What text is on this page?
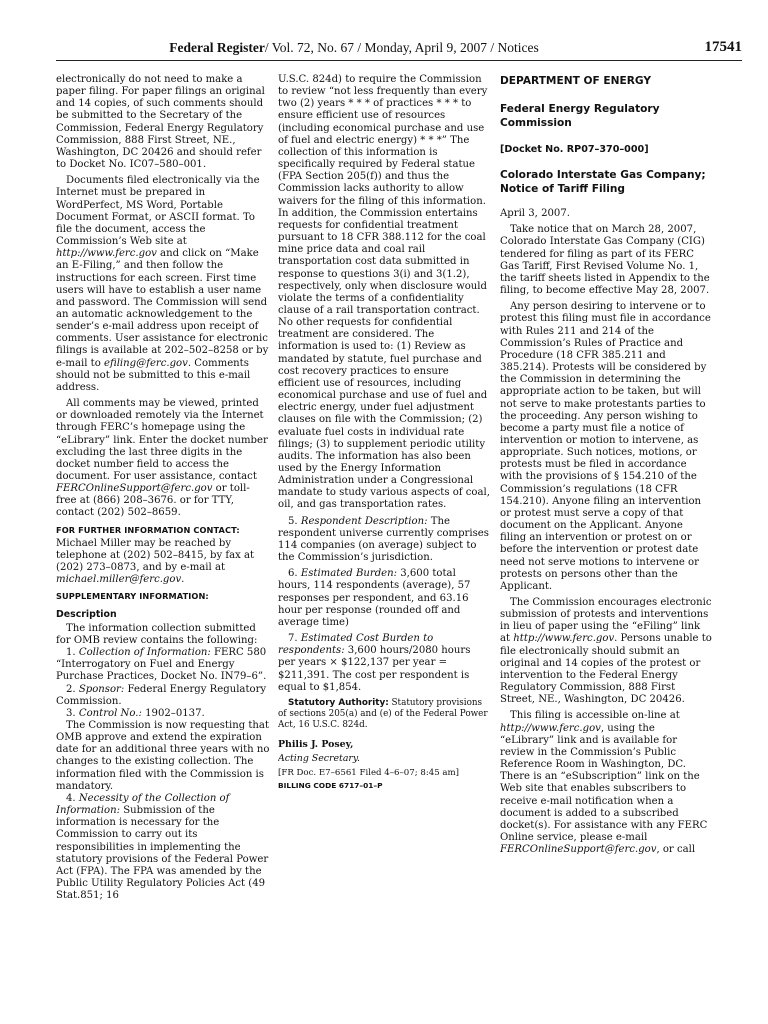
Federal Register/ Vol. 72, No. 67 / Monday, April 9, 2007 / Notices	17541

electronically do not need to make a paper filing. For paper filings an original and 14 copies, of such comments should be submitted to the Secretary of the Commission, Federal Energy Regulatory Commission, 888 First Street, NE., Washington, DC 20426 and should refer to Docket No. IC07–580–001.

Documents filed electronically via the Internet must be prepared in WordPerfect, MS Word, Portable Document Format, or ASCII format. To file the document, access the Commission’s Web site at http://www.ferc.gov and click on “Make an E-Filing,” and then follow the instructions for each screen. First time users will have to establish a user name and password. The Commission will send an automatic acknowledgement to the sender’s e-mail address upon receipt of comments. User assistance for electronic filings is available at 202–502–8258 or by e-mail to efiling@ferc.gov. Comments should not be submitted to this e-mail address.

All comments may be viewed, printed or downloaded remotely via the Internet through FERC’s homepage using the “eLibrary” link. Enter the docket number excluding the last three digits in the docket number field to access the document. For user assistance, contact FERCOnlineSupport@ferc.gov or toll-free at (866) 208–3676. or for TTY, contact (202) 502–8659.

FOR FURTHER INFORMATION CONTACT:

Michael Miller may be reached by telephone at (202) 502–8415, by fax at (202) 273–0873, and by e-mail at michael.miller@ferc.gov.

SUPPLEMENTARY INFORMATION:
Description

The information collection submitted for OMB review contains the following:

1. Collection of Information: FERC 580 “Interrogatory on Fuel and Energy Purchase Practices, Docket No. IN79–6”.

2. Sponsor: Federal Energy Regulatory Commission.

3. Control No.: 1902–0137.

The Commission is now requesting that OMB approve and extend the expiration date for an additional three years with no changes to the existing collection. The information filed with the Commission is mandatory.

4. Necessity of the Collection of Information: Submission of the information is necessary for the Commission to carry out its responsibilities in implementing the statutory provisions of the Federal Power Act (FPA). The FPA was amended by the Public Utility Regulatory Policies Act (49 Stat.851; 16

U.S.C. 824d) to require the Commission to review “not less frequently than every two (2) years * * * of practices * * * to ensure efficient use of resources (including economical purchase and use of fuel and electric energy) * * *” The collection of this information is specifically required by Federal statue (FPA Section 205(f)) and thus the Commission lacks authority to allow waivers for the filing of this information. In addition, the Commission entertains requests for confidential treatment pursuant to 18 CFR 388.112 for the coal mine price data and coal rail transportation cost data submitted in response to questions 3(i) and 3(1.2), respectively, only when disclosure would violate the terms of a confidentiality clause of a rail transportation contract. No other requests for confidential treatment are considered. The information is used to: (1) Review as mandated by statute, fuel purchase and cost recovery practices to ensure efficient use of resources, including economical purchase and use of fuel and electric energy, under fuel adjustment clauses on file with the Commission; (2) evaluate fuel costs in individual rate filings; (3) to supplement periodic utility audits. The information has also been used by the Energy Information Administration under a Congressional mandate to study various aspects of coal, oil, and gas transportation rates.

5. Respondent Description: The respondent universe currently comprises 114 companies (on average) subject to the Commission’s jurisdiction.

6. Estimated Burden: 3,600 total hours, 114 respondents (average), 57 responses per respondent, and 63.16 hour per response (rounded off and average time)

7. Estimated Cost Burden to respondents: 3,600 hours/2080 hours per years × $122,137 per year = $211,391. The cost per respondent is equal to $1,854.

Statutory Authority: Statutory provisions of sections 205(a) and (e) of the Federal Power Act, 16 U.S.C. 824d.

Philis J. Posey,
Acting Secretary.
[FR Doc. E7–6561 Filed 4–6–07; 8:45 am]
BILLING CODE 6717–01–P
DEPARTMENT OF ENERGY
Federal Energy Regulatory Commission
[Docket No. RP07–370–000]
Colorado Interstate Gas Company; Notice of Tariff Filing

April 3, 2007.

Take notice that on March 28, 2007, Colorado Interstate Gas Company (CIG) tendered for filing as part of its FERC Gas Tariff, First Revised Volume No. 1, the tariff sheets listed in Appendix to the filing, to become effective May 28, 2007.

Any person desiring to intervene or to protest this filing must file in accordance with Rules 211 and 214 of the Commission’s Rules of Practice and Procedure (18 CFR 385.211 and 385.214). Protests will be considered by the Commission in determining the appropriate action to be taken, but will not serve to make protestants parties to the proceeding. Any person wishing to become a party must file a notice of intervention or motion to intervene, as appropriate. Such notices, motions, or protests must be filed in accordance with the provisions of § 154.210 of the Commission’s regulations (18 CFR 154.210). Anyone filing an intervention or protest must serve a copy of that document on the Applicant. Anyone filing an intervention or protest on or before the intervention or protest date need not serve motions to intervene or protests on persons other than the Applicant.

The Commission encourages electronic submission of protests and interventions in lieu of paper using the “eFiling” link at http://www.ferc.gov. Persons unable to file electronically should submit an original and 14 copies of the protest or intervention to the Federal Energy Regulatory Commission, 888 First Street, NE., Washington, DC 20426.

This filing is accessible on-line at http://www.ferc.gov, using the “eLibrary” link and is available for review in the Commission’s Public Reference Room in Washington, DC. There is an “eSubscription” link on the Web site that enables subscribers to receive e-mail notification when a document is added to a subscribed docket(s). For assistance with any FERC Online service, please e-mail FERCOnlineSupport@ferc.gov, or call
